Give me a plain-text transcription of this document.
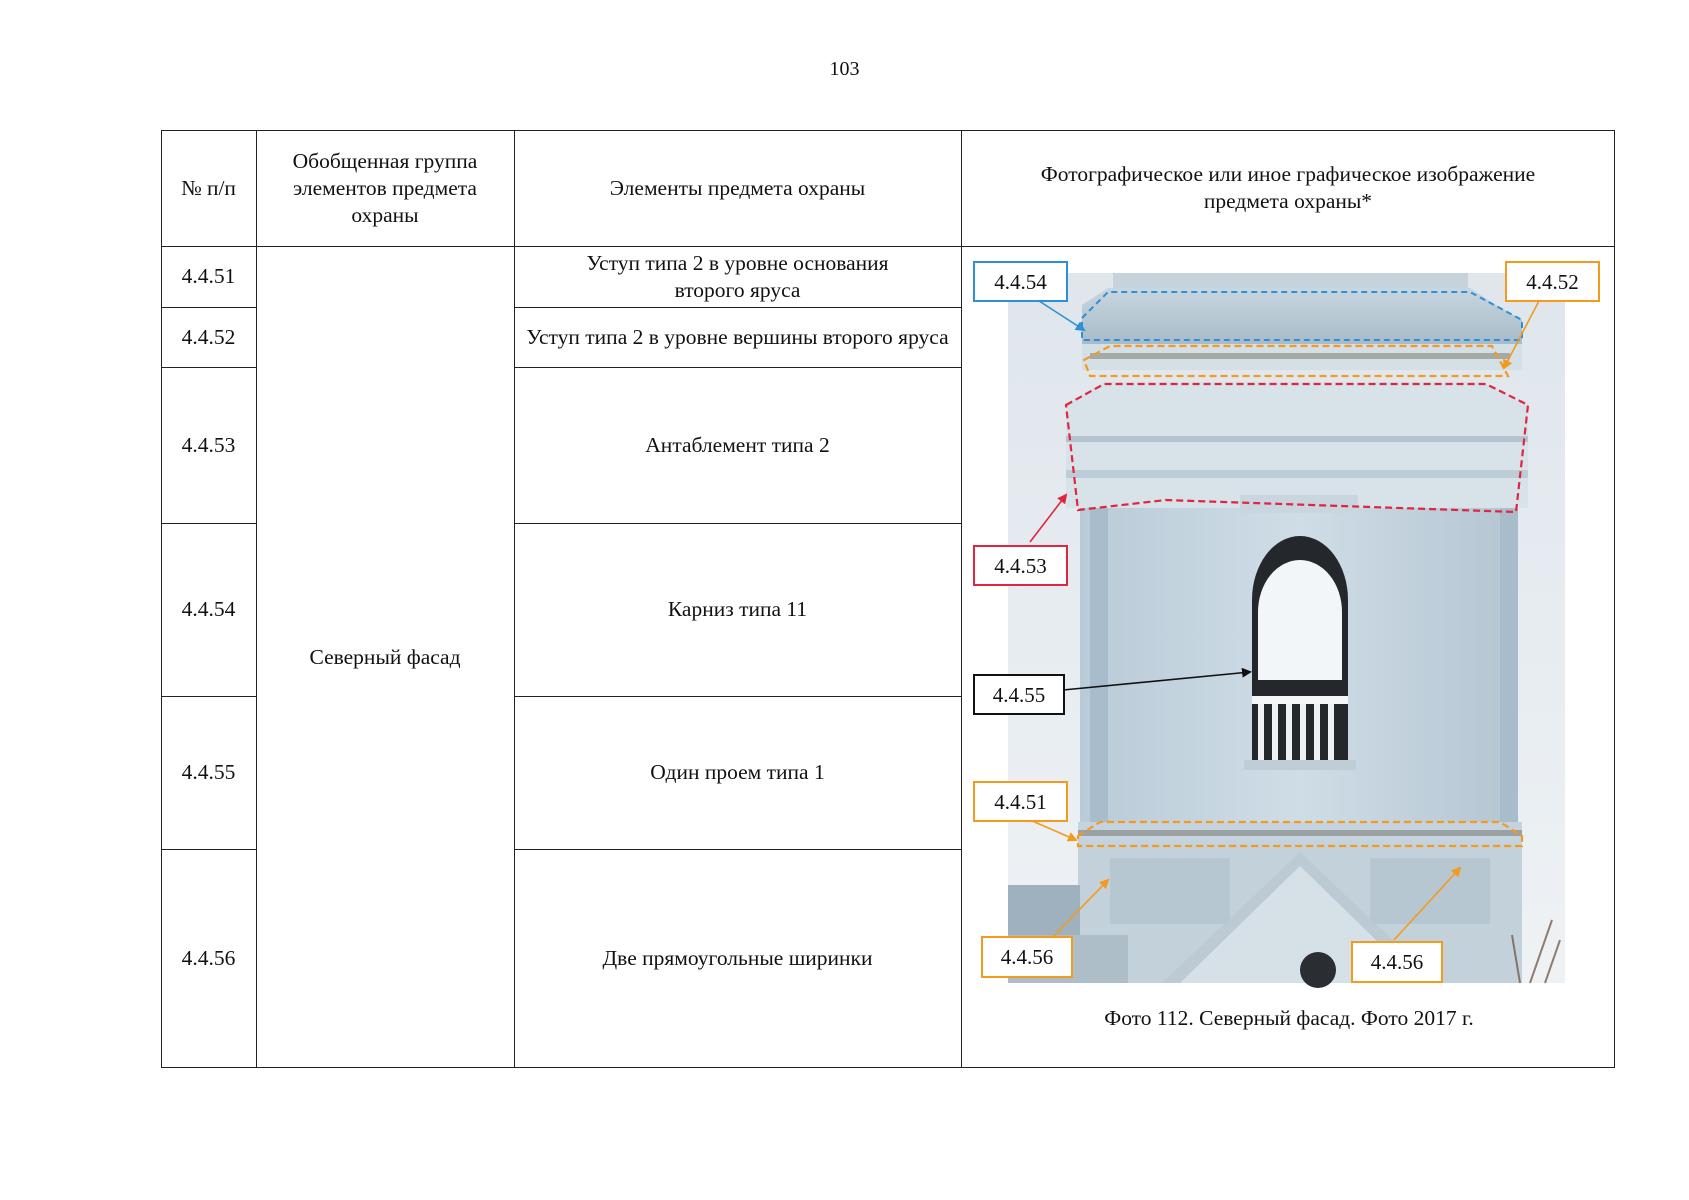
103
№ п/п
Обобщенная группа элементов предмета охраны
Элементы предмета охраны
Фотографическое или иное графическое изображение предмета охраны*
4.4.51
4.4.52
4.4.53
4.4.54
4.4.55
4.4.56
Северный фасад
Уступ типа 2 в уровне основания второго яруса
Уступ типа 2 в уровне вершины второго яруса
Антаблемент типа 2
Карниз типа 11
Один проем типа 1
Две прямоугольные ширинки
4.4.54	4.4.52
4.4.53
4.4.55
4.4.51
4.4.56	4.4.56
Фото 112. Северный фасад. Фото 2017 г.
